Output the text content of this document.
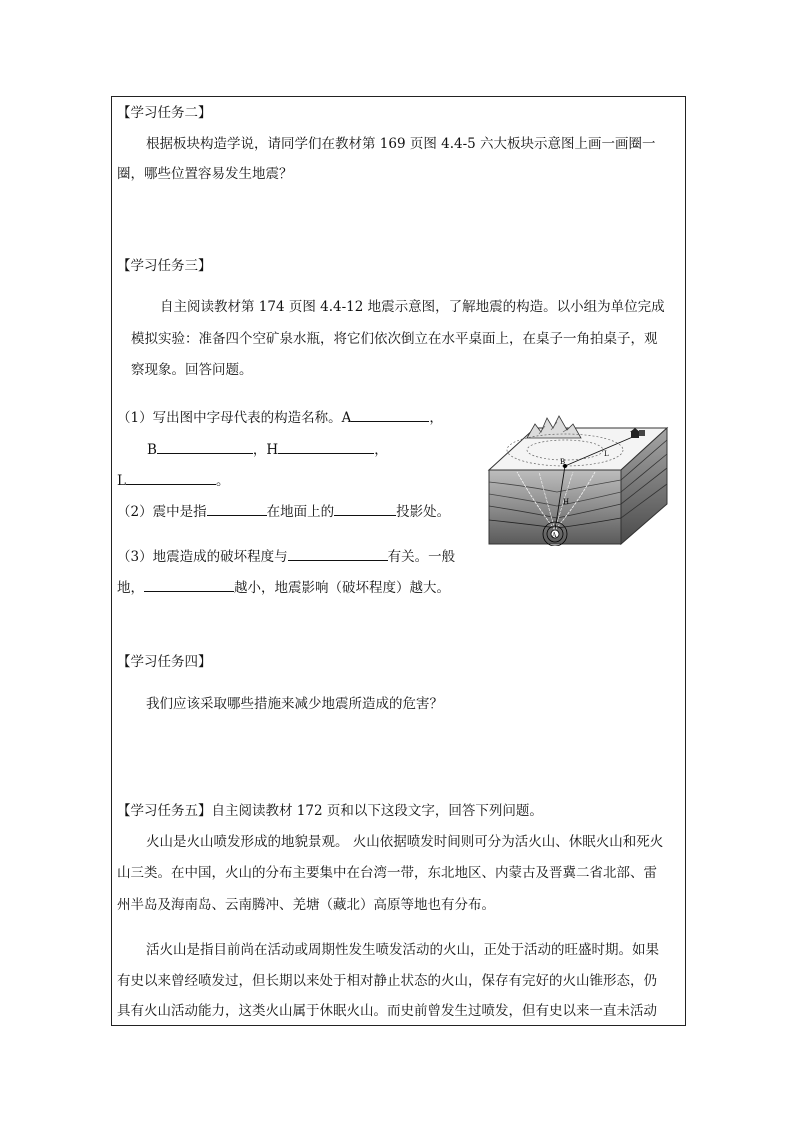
【学习任务二】
根据板块构造学说，请同学们在教材第 169 页图 4.4-5 六大板块示意图上画一画圈一
圈，哪些位置容易发生地震？
【学习任务三】
自主阅读教材第 174 页图 4.4-12 地震示意图，了解地震的构造。以小组为单位完成
模拟实验：准备四个空矿泉水瓶，将它们依次倒立在水平桌面上，在桌子一角拍桌子，观
察现象。回答问题。
（1）写出图中字母代表的构造名称。A	，
B	，H	，
L	。
（2）震中是指	在地面上的	投影处。
（3）地震造成的破坏程度与	有关。一般
地，	越小，地震影响（破坏程度）越大。
B
L
H
A
【学习任务四】
我们应该采取哪些措施来减少地震所造成的危害？
【学习任务五】自主阅读教材 172 页和以下这段文字，回答下列问题。
火山是火山喷发形成的地貌景观。 火山依据喷发时间则可分为活火山、休眠火山和死火
山三类。在中国，火山的分布主要集中在台湾一带，东北地区、内蒙古及晋冀二省北部、雷
州半岛及海南岛、云南腾冲、羌塘（藏北）高原等地也有分布。
活火山是指目前尚在活动或周期性发生喷发活动的火山，正处于活动的旺盛时期。如果
有史以来曾经喷发过，但长期以来处于相对静止状态的火山，保存有完好的火山锥形态，仍
具有火山活动能力，这类火山属于休眠火山。而史前曾发生过喷发，但有史以来一直未活动
